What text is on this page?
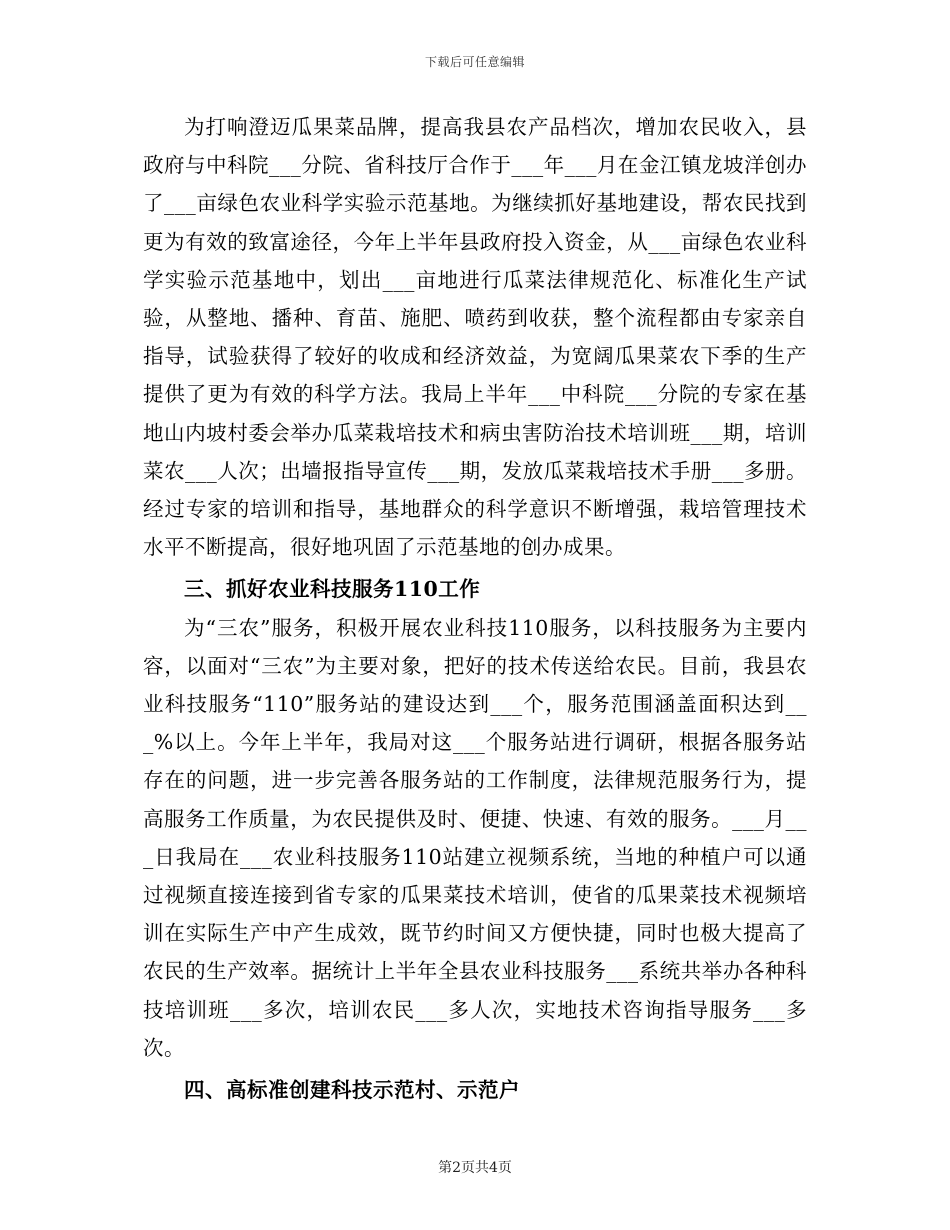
下载后可任意编辑

为打响澄迈瓜果菜品牌，提高我县农产品档次，增加农民收入，县政府与中科院___分院、省科技厅合作于___年___月在金江镇龙坡洋创办了___亩绿色农业科学实验示范基地。为继续抓好基地建设，帮农民找到更为有效的致富途径，今年上半年县政府投入资金，从___亩绿色农业科学实验示范基地中，划出___亩地进行瓜菜法律规范化、标准化生产试验，从整地、播种、育苗、施肥、喷药到收获，整个流程都由专家亲自指导，试验获得了较好的收成和经济效益，为宽阔瓜果菜农下季的生产提供了更为有效的科学方法。我局上半年___中科院___分院的专家在基地山内坡村委会举办瓜菜栽培技术和病虫害防治技术培训班___期，培训菜农___人次；出墙报指导宣传___期，发放瓜菜栽培技术手册___多册。经过专家的培训和指导，基地群众的科学意识不断增强，栽培管理技术水平不断提高，很好地巩固了示范基地的创办成果。

三、抓好农业科技服务110工作

为“三农”服务，积极开展农业科技110服务，以科技服务为主要内容，以面对“三农”为主要对象，把好的技术传送给农民。目前，我县农业科技服务“110”服务站的建设达到___个，服务范围涵盖面积达到___%以上。今年上半年，我局对这___个服务站进行调研，根据各服务站存在的问题，进一步完善各服务站的工作制度，法律规范服务行为，提高服务工作质量，为农民提供及时、便捷、快速、有效的服务。___月___日我局在___农业科技服务110站建立视频系统，当地的种植户可以通过视频直接连接到省专家的瓜果菜技术培训，使省的瓜果菜技术视频培训在实际生产中产生成效，既节约时间又方便快捷，同时也极大提高了农民的生产效率。据统计上半年全县农业科技服务___系统共举办各种科技培训班___多次，培训农民___多人次，实地技术咨询指导服务___多次。

四、高标准创建科技示范村、示范户

第2页共4页
